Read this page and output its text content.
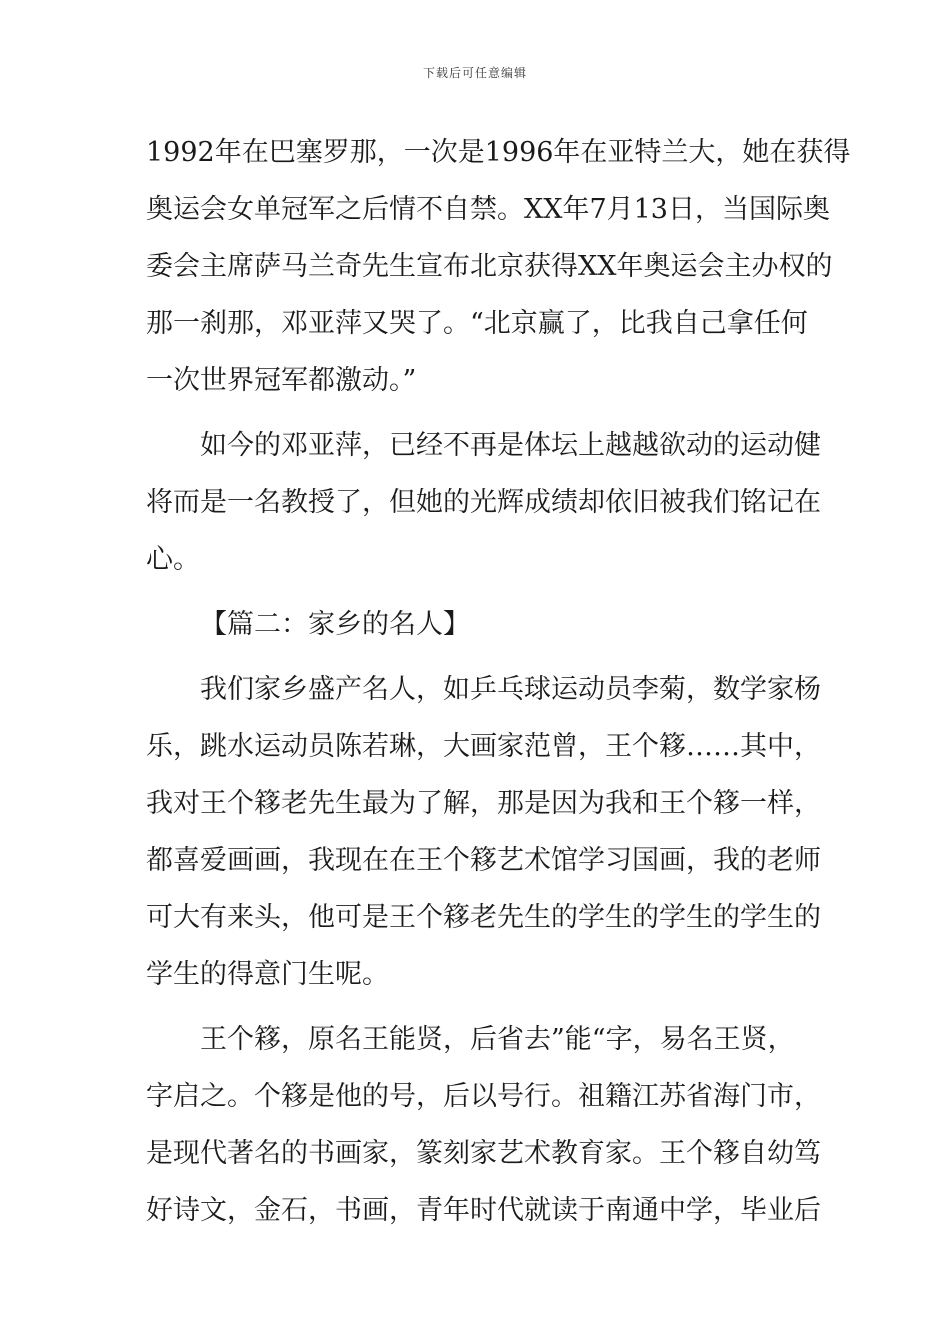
下载后可任意编辑
1992年在巴塞罗那，一次是1996年在亚特兰大，她在获得
奥运会女单冠军之后情不自禁。XX年7月13日，当国际奥
委会主席萨马兰奇先生宣布北京获得XX年奥运会主办权的
那一刹那，邓亚萍又哭了。“北京赢了，比我自己拿任何
一次世界冠军都激动。”
如今的邓亚萍，已经不再是体坛上越越欲动的运动健
将而是一名教授了，但她的光辉成绩却依旧被我们铭记在
心。
【篇二：家乡的名人】
我们家乡盛产名人，如乒乓球运动员李菊，数学家杨
乐，跳水运动员陈若琳，大画家范曾，王个簃……其中，
我对王个簃老先生最为了解，那是因为我和王个簃一样，
都喜爱画画，我现在在王个簃艺术馆学习国画，我的老师
可大有来头，他可是王个簃老先生的学生的学生的学生的
学生的得意门生呢。
王个簃，原名王能贤，后省去”能“字，易名王贤，
字启之。个簃是他的号，后以号行。祖籍江苏省海门市，
是现代著名的书画家，篆刻家艺术教育家。王个簃自幼笃
好诗文，金石，书画，青年时代就读于南通中学，毕业后
